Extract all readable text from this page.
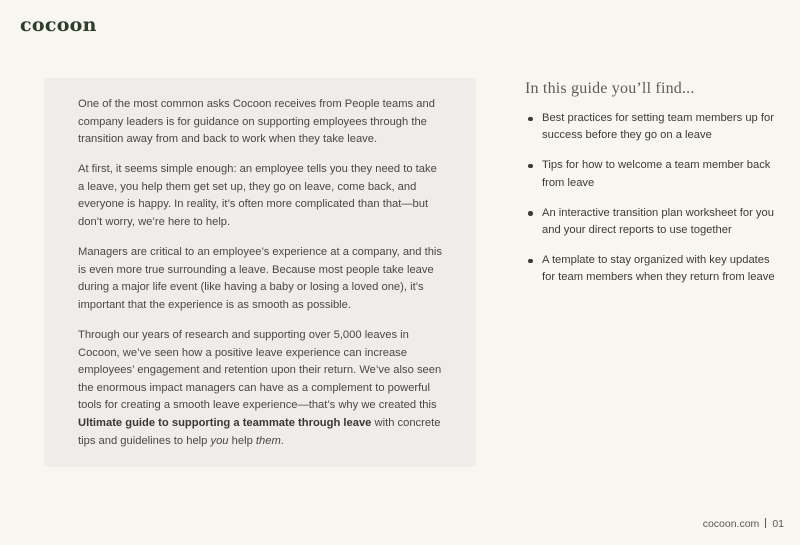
cocoon

One of the most common asks Cocoon receives from People teams and company leaders is for guidance on supporting employees through the transition away from and back to work when they take leave.

At first, it seems simple enough: an employee tells you they need to take a leave, you help them get set up, they go on leave, come back, and everyone is happy. In reality, it’s often more complicated than that—but don’t worry, we’re here to help.

Managers are critical to an employee’s experience at a company, and this is even more true surrounding a leave. Because most people take leave during a major life event (like having a baby or losing a loved one), it’s important that the experience is as smooth as possible.

Through our years of research and supporting over 5,000 leaves in Cocoon, we’ve seen how a positive leave experience can increase employees’ engagement and retention upon their return. We’ve also seen the enormous impact managers can have as a complement to powerful tools for creating a smooth leave experience—that’s why we created this Ultimate guide to supporting a teammate through leave with concrete tips and guidelines to help you help them.

In this guide you’ll find...
Best practices for setting team members up for success before they go on a leave
Tips for how to welcome a team member back from leave
An interactive transition plan worksheet for you and your direct reports to use together
A template to stay organized with key updates for team members when they return from leave
cocoon.com 01
